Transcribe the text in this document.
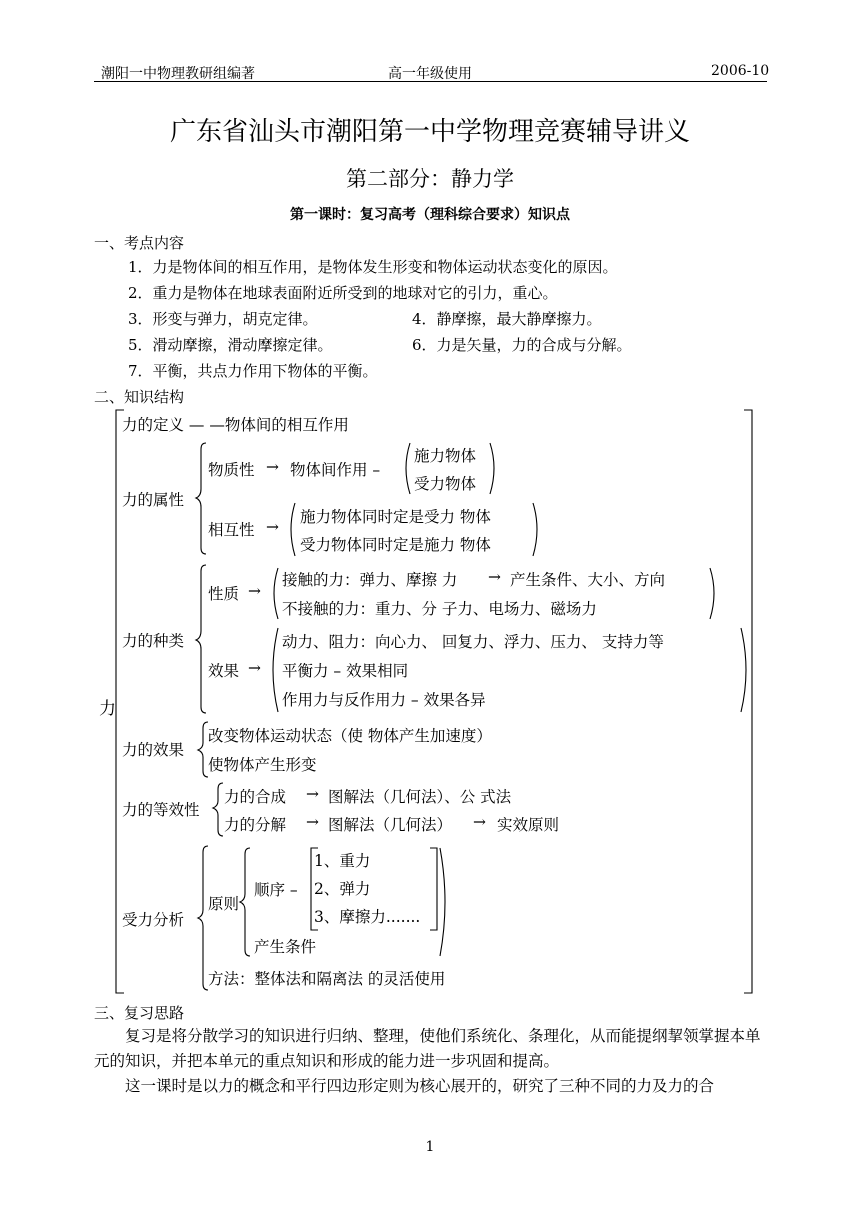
潮阳一中物理教研组编著	高一年级使用	2006-10
广东省汕头市潮阳第一中学物理竞赛辅导讲义
第二部分：静力学
第一课时：复习高考（理科综合要求）知识点
一、考点内容
1．力是物体间的相互作用，是物体发生形变和物体运动状态变化的原因。
2．重力是物体在地球表面附近所受到的地球对它的引力，重心。
3．形变与弹力，胡克定律。	4．静摩擦，最大静摩擦力。
5．滑动摩擦，滑动摩擦定律。	6．力是矢量，力的合成与分解。
7．平衡，共点力作用下物体的平衡。
二、知识结构
力
力的定义 — —物体间的相互作用
力的属性
物质性 → 物体间作用 –
施力物体
受力物体
相互性 →
施力物体同时定是受力 物体
受力物体同时定是施力 物体
力的种类
性质 →
接触的力：弹力、摩擦 力 → 产生条件、大小、方向
不接触的力：重力、分 子力、电场力、磁场力
效果 →
动力、阻力：向心力、 回复力、浮力、压力、 支持力等
平衡力 – 效果相同
作用力与反作用力 – 效果各异
力的效果
改变物体运动状态（使 物体产生加速度）
使物体产生形变
力的等效性
力的合成 → 图解法（几何法）、公 式法
力的分解 → 图解法（几何法） → 实效原则
受力分析
原则
顺序 –
1、重力
2、弹力
3、摩擦力.......
产生条件
方法：整体法和隔离法 的灵活使用
三、复习思路
复习是将分散学习的知识进行归纳、整理，使他们系统化、条理化，从而能提纲挈领掌握本单元的知识，并把本单元的重点知识和形成的能力进一步巩固和提高。
这一课时是以力的概念和平行四边形定则为核心展开的，研究了三种不同的力及力的合
1
